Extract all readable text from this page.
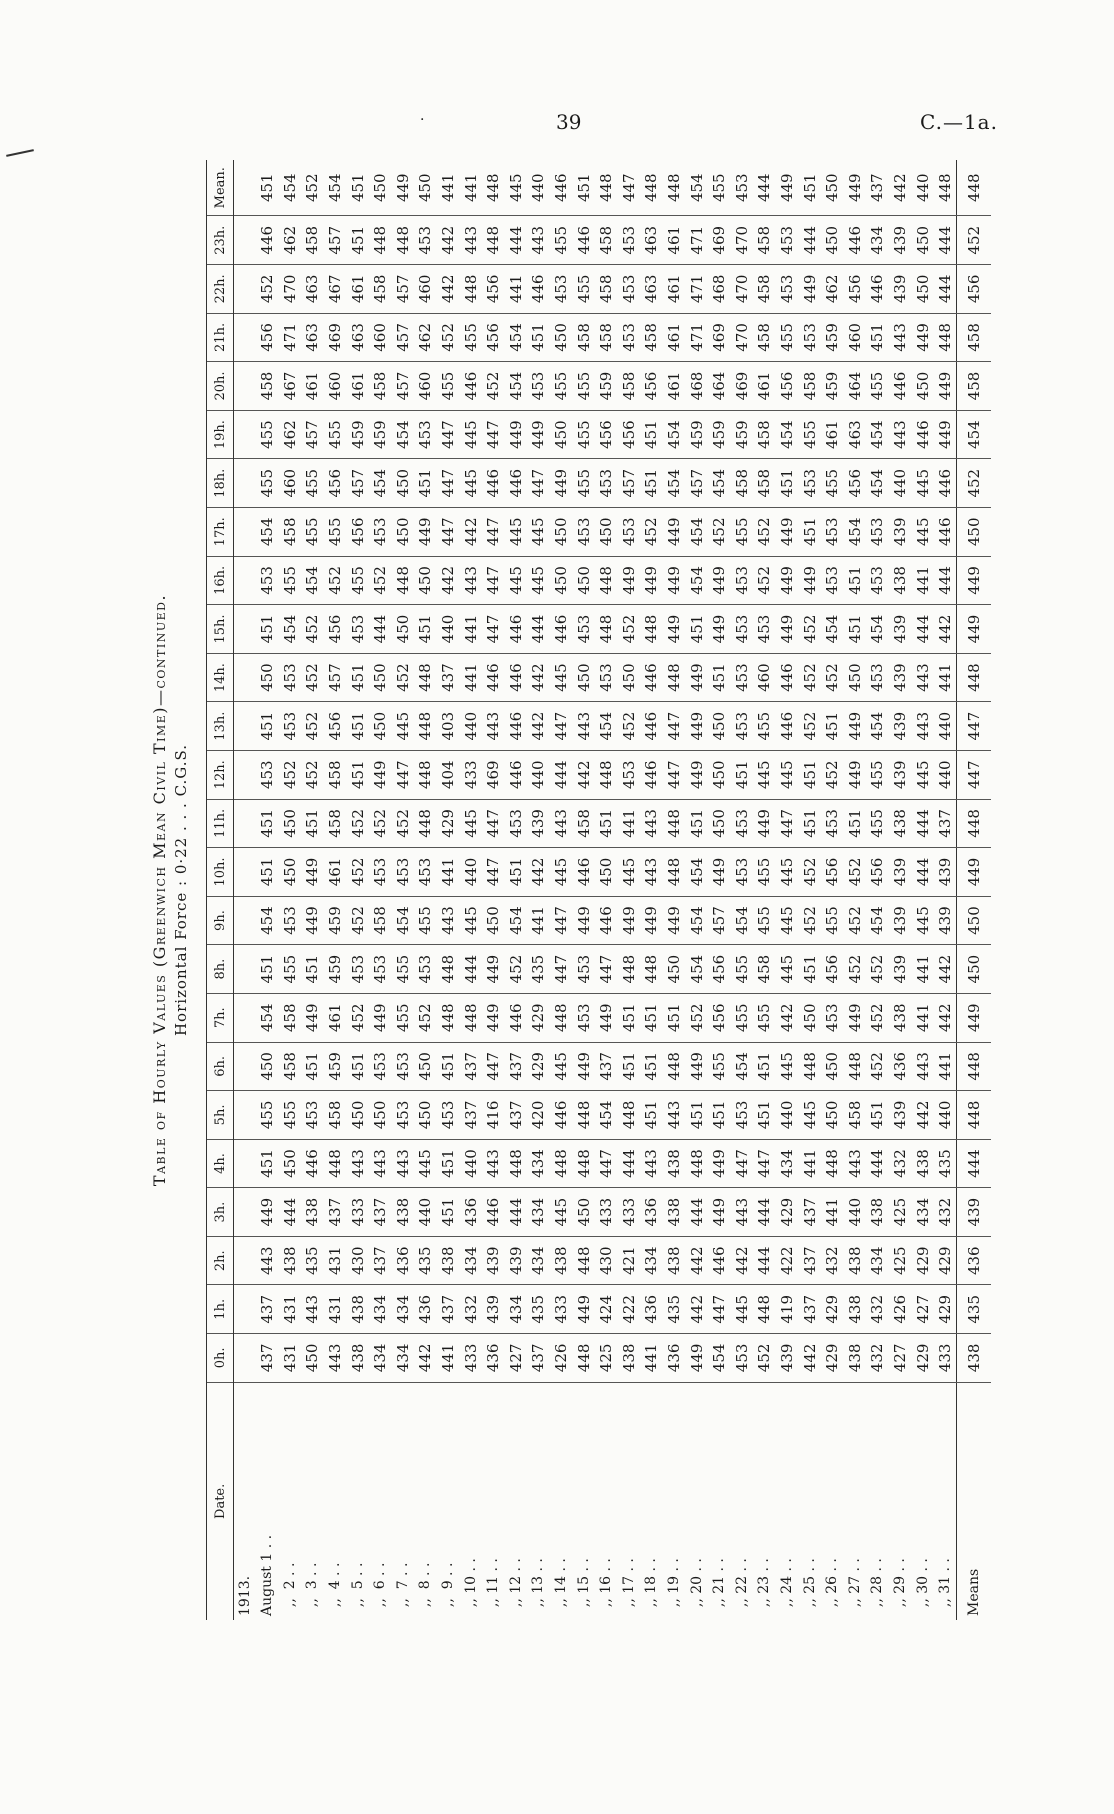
39
·	C.—1a.
Table of Hourly Values (Greenwich Mean Civil Time)—continued. Horizontal Force : 0·22 . . . C.G.S.
Date.	0h.	1h.	2h.	3h.	4h.	5h.	6h.	7h.	8h.	9h.	10h.	11h.	12h.	13h.	14h.	15h.	16h.	17h.	18h.	19h.	20h.	21h.	22h.	23h.	Mean.
1913.																									
August 1 . .	437	437	443	449	451	455	450	454	451	454	451	451	453	451	450	451	453	454	455	455	458	456	452	446	451
,,  2 . .	431	431	438	444	450	455	458	458	455	453	450	450	452	453	453	454	455	458	460	462	467	471	470	462	454
,,  3 . .	450	443	435	438	446	453	451	449	451	449	449	451	452	452	452	452	454	455	455	457	461	463	463	458	452
,,  4 . .	443	431	431	437	448	458	459	461	459	459	461	458	458	456	457	456	452	455	456	455	460	469	467	457	454
,,  5 . .	438	438	430	433	443	450	451	452	453	452	452	452	451	451	451	453	455	456	457	459	461	463	461	451	451
,,  6 . .	434	434	437	437	443	450	453	449	453	458	453	452	449	450	450	444	452	453	454	459	458	460	458	448	450
,,  7 . .	434	434	436	438	443	453	453	455	455	454	453	452	447	445	452	450	448	450	450	454	457	457	457	448	449
,,  8 . .	442	436	435	440	445	450	450	452	453	455	453	448	448	448	448	451	450	449	451	453	460	462	460	453	450
,,  9 . .	441	437	438	451	451	453	451	448	448	443	441	429	404	403	437	440	442	447	447	447	455	452	442	442	441
,, 10 . .	433	432	434	436	440	437	437	448	444	445	440	445	433	440	441	441	443	442	445	445	446	455	448	443	441
,, 11 . .	436	439	439	446	443	416	447	449	449	450	447	447	469	443	446	447	447	447	446	447	452	456	456	448	448
,, 12 . .	427	434	439	444	448	437	437	446	452	454	451	453	446	446	446	446	445	445	446	449	454	454	441	444	445
,, 13 . .	437	435	434	434	434	420	429	429	435	441	442	439	440	442	442	444	445	445	447	449	453	451	446	443	440
,, 14 . .	426	433	438	445	448	446	445	448	447	447	445	443	444	447	445	446	450	450	449	450	455	450	453	455	446
,, 15 . .	448	449	448	450	448	448	449	453	453	449	446	458	442	443	450	453	450	453	455	455	455	458	455	446	451
,, 16 . .	425	424	430	433	447	454	437	449	447	446	450	451	448	454	453	448	448	450	453	456	459	458	458	458	448
,, 17 . .	438	422	421	433	444	448	451	451	448	449	445	441	453	452	450	452	449	453	457	456	458	453	453	453	447
,, 18 . .	441	436	434	436	443	451	451	451	448	449	443	443	446	446	446	448	449	452	451	451	456	458	463	463	448
,, 19 . .	436	435	438	438	438	443	448	451	450	449	448	448	447	447	448	449	449	449	454	454	461	461	461	461	448
,, 20 . .	449	442	442	444	448	451	449	452	454	454	454	451	449	449	449	451	454	454	457	459	468	471	471	471	454
,, 21 . .	454	447	446	449	449	451	455	456	456	457	449	450	450	450	451	449	449	452	454	459	464	469	468	469	455
,, 22 . .	453	445	442	443	447	453	454	455	455	454	453	453	451	453	453	453	453	455	458	459	469	470	470	470	453
,, 23 . .	452	448	444	444	447	451	451	455	458	455	455	449	445	455	460	453	452	452	458	458	461	458	458	458	444
,, 24 . .	439	419	422	429	434	440	445	442	445	445	445	447	445	446	446	449	449	449	451	454	456	455	453	453	449
,, 25 . .	442	437	437	437	441	445	448	450	451	452	452	451	451	452	452	452	449	451	453	455	458	453	449	444	451
,, 26 . .	429	429	432	441	448	450	450	453	456	455	456	453	452	451	452	454	453	453	455	461	459	459	462	450	450
,, 27 . .	438	438	438	440	443	458	448	449	452	452	452	451	449	449	450	451	451	454	456	463	464	460	456	446	449
,, 28 . .	432	432	434	438	444	451	452	452	452	454	456	455	455	454	453	454	453	453	454	454	455	451	446	434	437
,, 29 . .	427	426	425	425	432	439	436	438	439	439	439	438	439	439	439	439	438	439	440	443	446	443	439	439	442
,, 30 . .	429	427	429	434	438	442	443	441	441	445	444	444	445	443	443	444	441	445	445	446	450	449	450	450	440
,, 31 . .	433	429	429	432	435	440	441	442	442	439	439	437	440	440	441	442	444	446	446	449	449	448	444	444	448
Means	438	435	436	439	444	448	448	449	450	450	449	448	447	447	448	449	449	450	452	454	458	458	456	452	448
